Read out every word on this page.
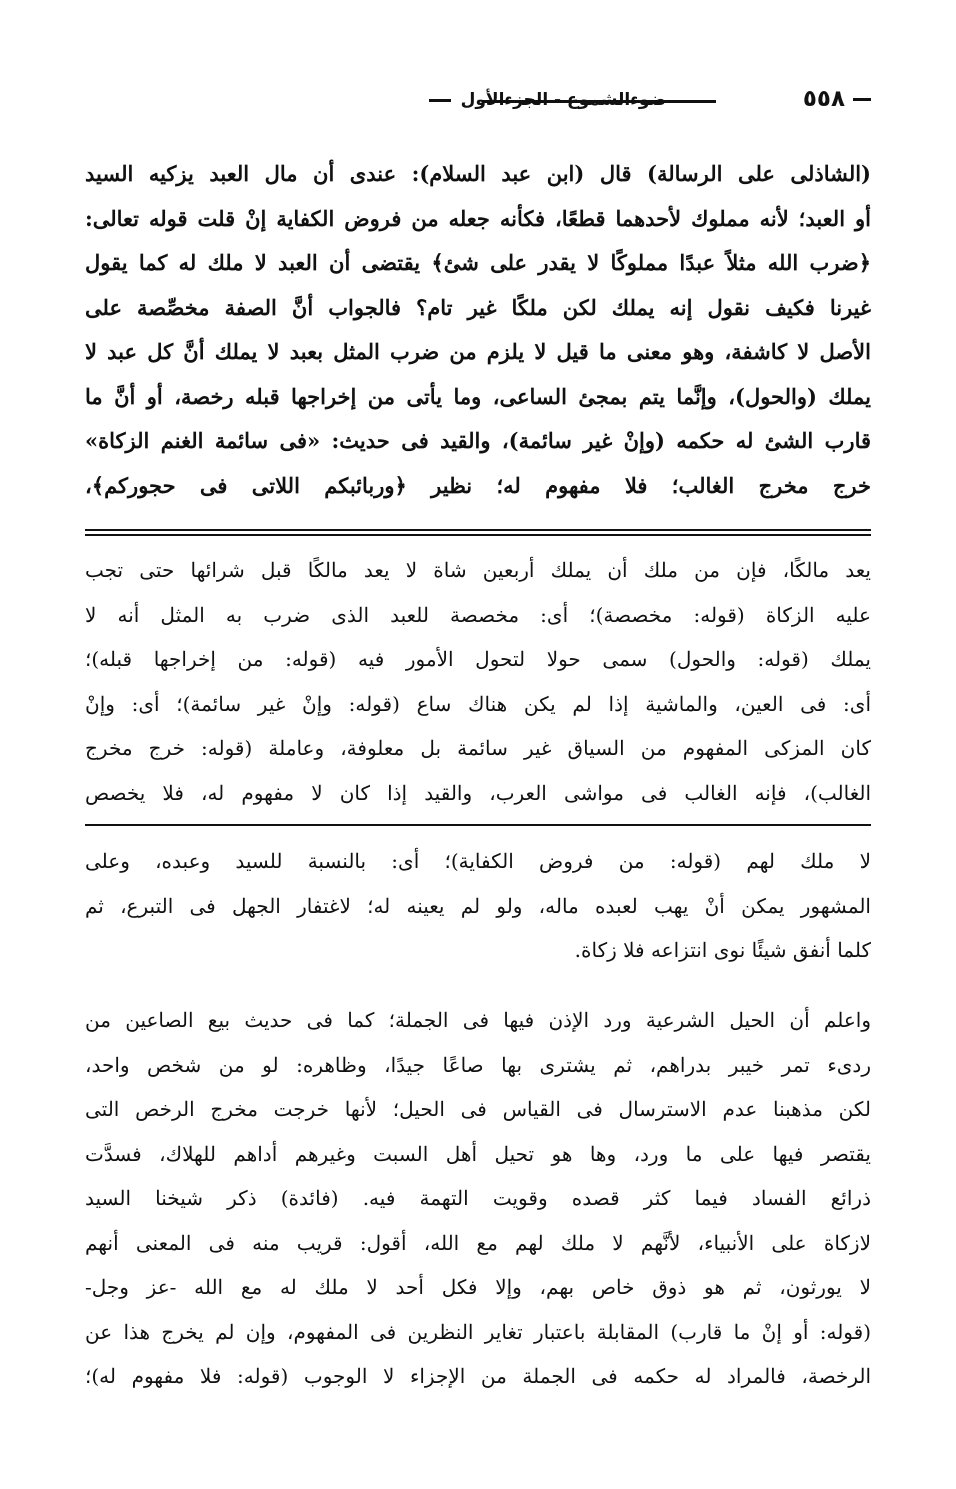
٥٥٨
ضوءالشموع - الجزءالأول
(الشاذلى على الرسالة) قال (ابن عبد السلام): عندى أن مال العبد يزكيه السيد
أو العبد؛ لأنه مملوك لأحدهما قطعًا، فكأنه جعله من فروض الكفاية إنْ قلت قوله تعالى:
﴿ضرب الله مثلاً عبدًا مملوكًا لا يقدر على شئ﴾ يقتضى أن العبد لا ملك له كما يقول
غيرنا فكيف نقول إنه يملك لكن ملكًا غير تام؟ فالجواب أنَّ الصفة مخصِّصة على
الأصل لا كاشفة، وهو معنى ما قيل لا يلزم من ضرب المثل بعبد لا يملك أنَّ كل عبد لا
يملك (والحول)، وإنَّما يتم بمجئ الساعى، وما يأتى من إخراجها قبله رخصة، أو أنَّ ما
قارب الشئ له حكمه (وإنْ غير سائمة)، والقيد فى حديث: «فى سائمة الغنم الزكاة»
خرج مخرج الغالب؛ فلا مفهوم له؛ نظير ﴿وربائبكم اللاتى فى حجوركم﴾،
يعد مالكًا، فإن من ملك أن يملك أربعين شاة لا يعد مالكًا قبل شرائها حتى تجب
عليه الزكاة (قوله: مخصصة)؛ أى: مخصصة للعبد الذى ضرب به المثل أنه لا
يملك (قوله: والحول) سمى حولا لتحول الأمور فيه (قوله: من إخراجها قبله)؛
أى: فى العين، والماشية إذا لم يكن هناك ساع (قوله: وإنْ غير سائمة)؛ أى: وإنْ
كان المزكى المفهوم من السياق غير سائمة بل معلوفة، وعاملة (قوله: خرج مخرج
الغالب)، فإنه الغالب فى مواشى العرب، والقيد إذا كان لا مفهوم له، فلا يخصص
لا ملك لهم (قوله: من فروض الكفاية)؛ أى: بالنسبة للسيد وعبده، وعلى
المشهور يمكن أنْ يهب لعبده ماله، ولو لم يعينه له؛ لاغتفار الجهل فى التبرع، ثم
كلما أنفق شيئًا نوى انتزاعه فلا زكاة.
واعلم أن الحيل الشرعية ورد الإذن فيها فى الجملة؛ كما فى حديث بيع الصاعين من
ردىء تمر خيبر بدراهم، ثم يشترى بها صاعًا جيدًا، وظاهره: لو من شخص واحد،
لكن مذهبنا عدم الاسترسال فى القياس فى الحيل؛ لأنها خرجت مخرج الرخص التى
يقتصر فيها على ما ورد، وها هو تحيل أهل السبت وغيرهم أداهم للهلاك، فسدَّت
ذرائع الفساد فيما كثر قصده وقويت التهمة فيه. (فائدة) ذكر شيخنا السيد
لازكاة على الأنبياء، لأنَّهم لا ملك لهم مع الله، أقول: قريب منه فى المعنى أنهم
لا يورثون، ثم هو ذوق خاص بهم، وإلا فكل أحد لا ملك له مع الله -عز وجل-
(قوله: أو إنْ ما قارب) المقابلة باعتبار تغاير النظرين فى المفهوم، وإن لم يخرج هذا عن
الرخصة، فالمراد له حكمه فى الجملة من الإجزاء لا الوجوب (قوله: فلا مفهوم له)؛
